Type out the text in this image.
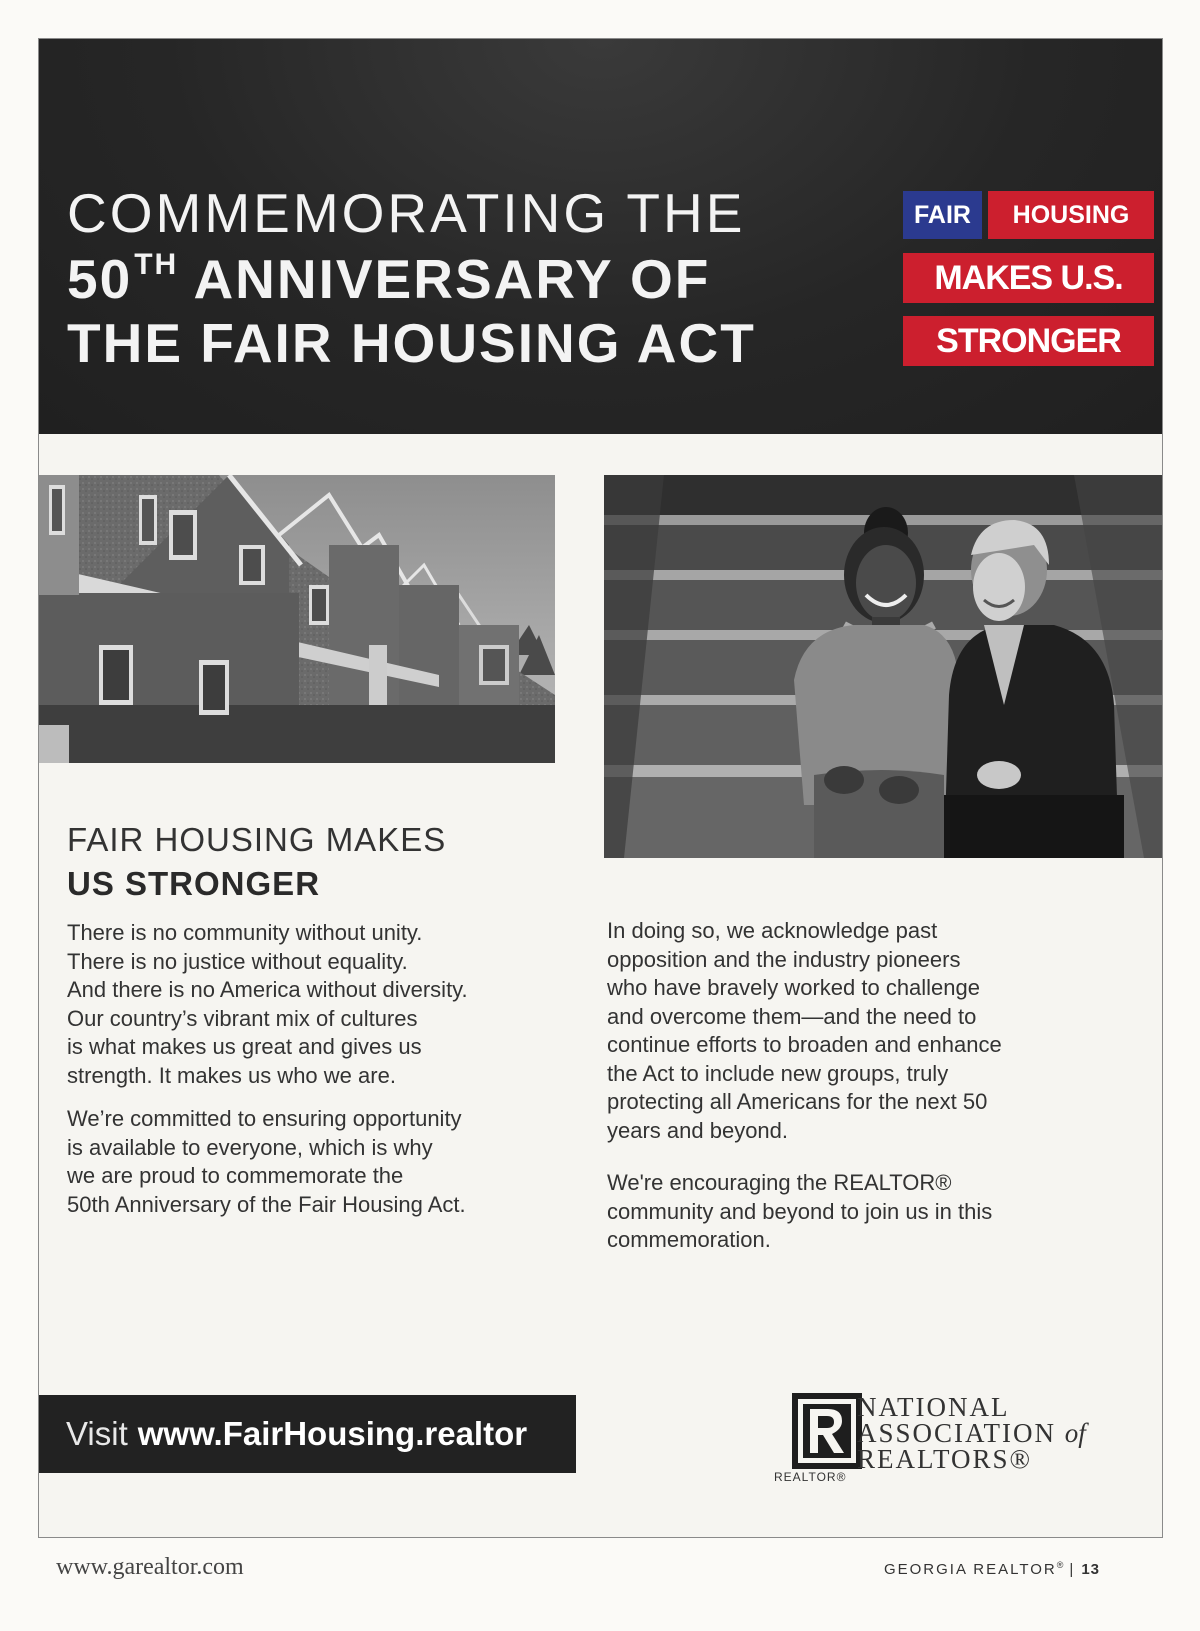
COMMEMORATING THE
50TH ANNIVERSARY OF
THE FAIR HOUSING ACT
FAIR	HOUSING
MAKES U.S.
STRONGER
FAIR HOUSING MAKES
US STRONGER

There is no community without unity.
There is no justice without equality.
And there is no America without diversity.
Our country’s vibrant mix of cultures
is what makes us great and gives us
strength. It makes us who we are.

We’re committed to ensuring opportunity
is available to everyone, which is why
we are proud to commemorate the
50th Anniversary of the Fair Housing Act.

In doing so, we acknowledge past
opposition and the industry pioneers
who have bravely worked to challenge
and overcome them—and the need to
continue efforts to broaden and enhance
the Act to include new groups, truly
protecting all Americans for the next 50
years and beyond.

We're encouraging the REALTOR®
community and beyond to join us in this
commemoration.

Visit www.FairHousing.realtor
REALTOR®
NATIONAL
ASSOCIATION of
REALTORS®
www.garealtor.com	GEORGIA REALTOR® | 13
